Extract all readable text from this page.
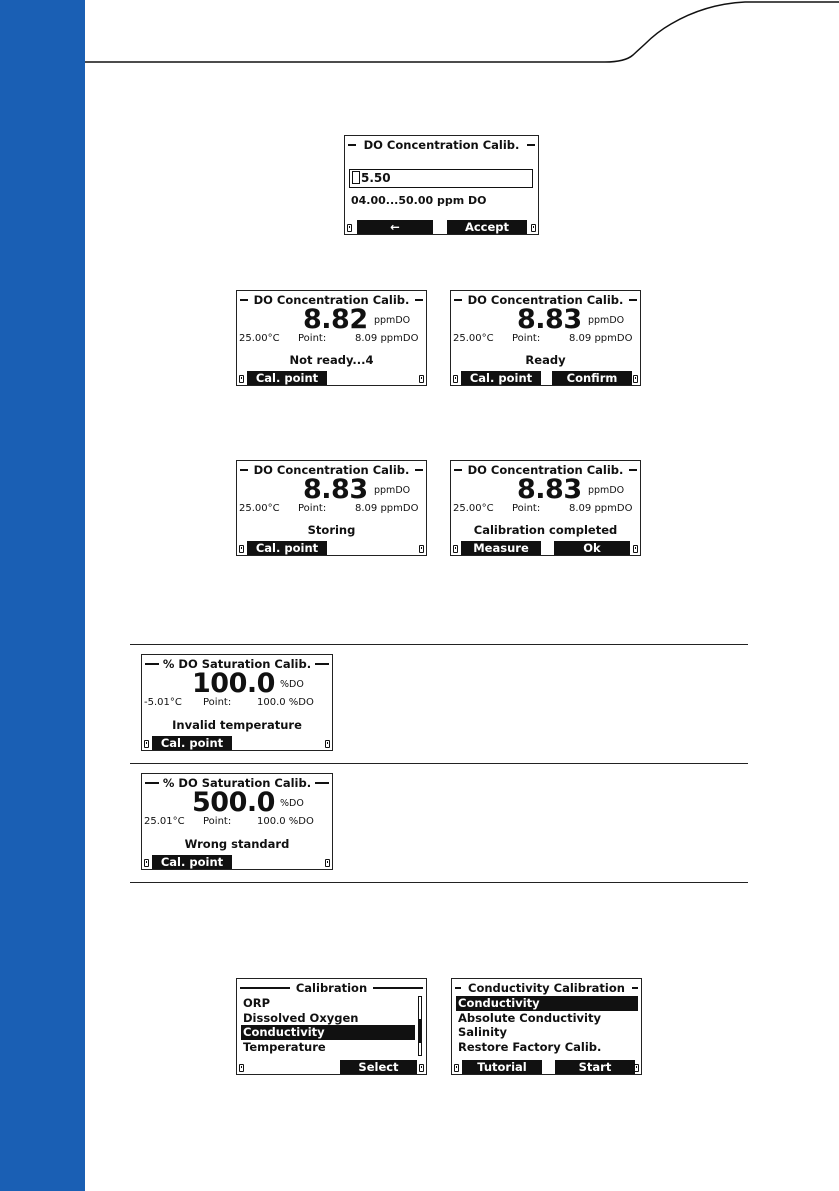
DO Concentration Calib.
5.50
04.00...50.00 ppm DO
←	Accept
DO Concentration Calib.
8.82 ppmDO
25.00°C Point:	8.09 ppmDO
Not ready...4
Cal. point
DO Concentration Calib.
8.83 ppmDO
25.00°C Point:	8.09 ppmDO
Ready
Cal. point	Confirm
DO Concentration Calib.
8.83 ppmDO
25.00°C Point:	8.09 ppmDO
Storing
Cal. point
DO Concentration Calib.
8.83 ppmDO
25.00°C Point:	8.09 ppmDO
Calibration completed
Measure	Ok
% DO Saturation Calib.
100.0 %DO
-5.01°C Point:	100.0 %DO
Invalid temperature
Cal. point
% DO Saturation Calib.
500.0 %DO
25.01°C Point:	100.0 %DO
Wrong standard
Cal. point
Calibration
ORP
Dissolved Oxygen
Conductivity
Temperature
Select
Conductivity Calibration
Conductivity
Absolute Conductivity
Salinity
Restore Factory Calib.
Tutorial	Start
